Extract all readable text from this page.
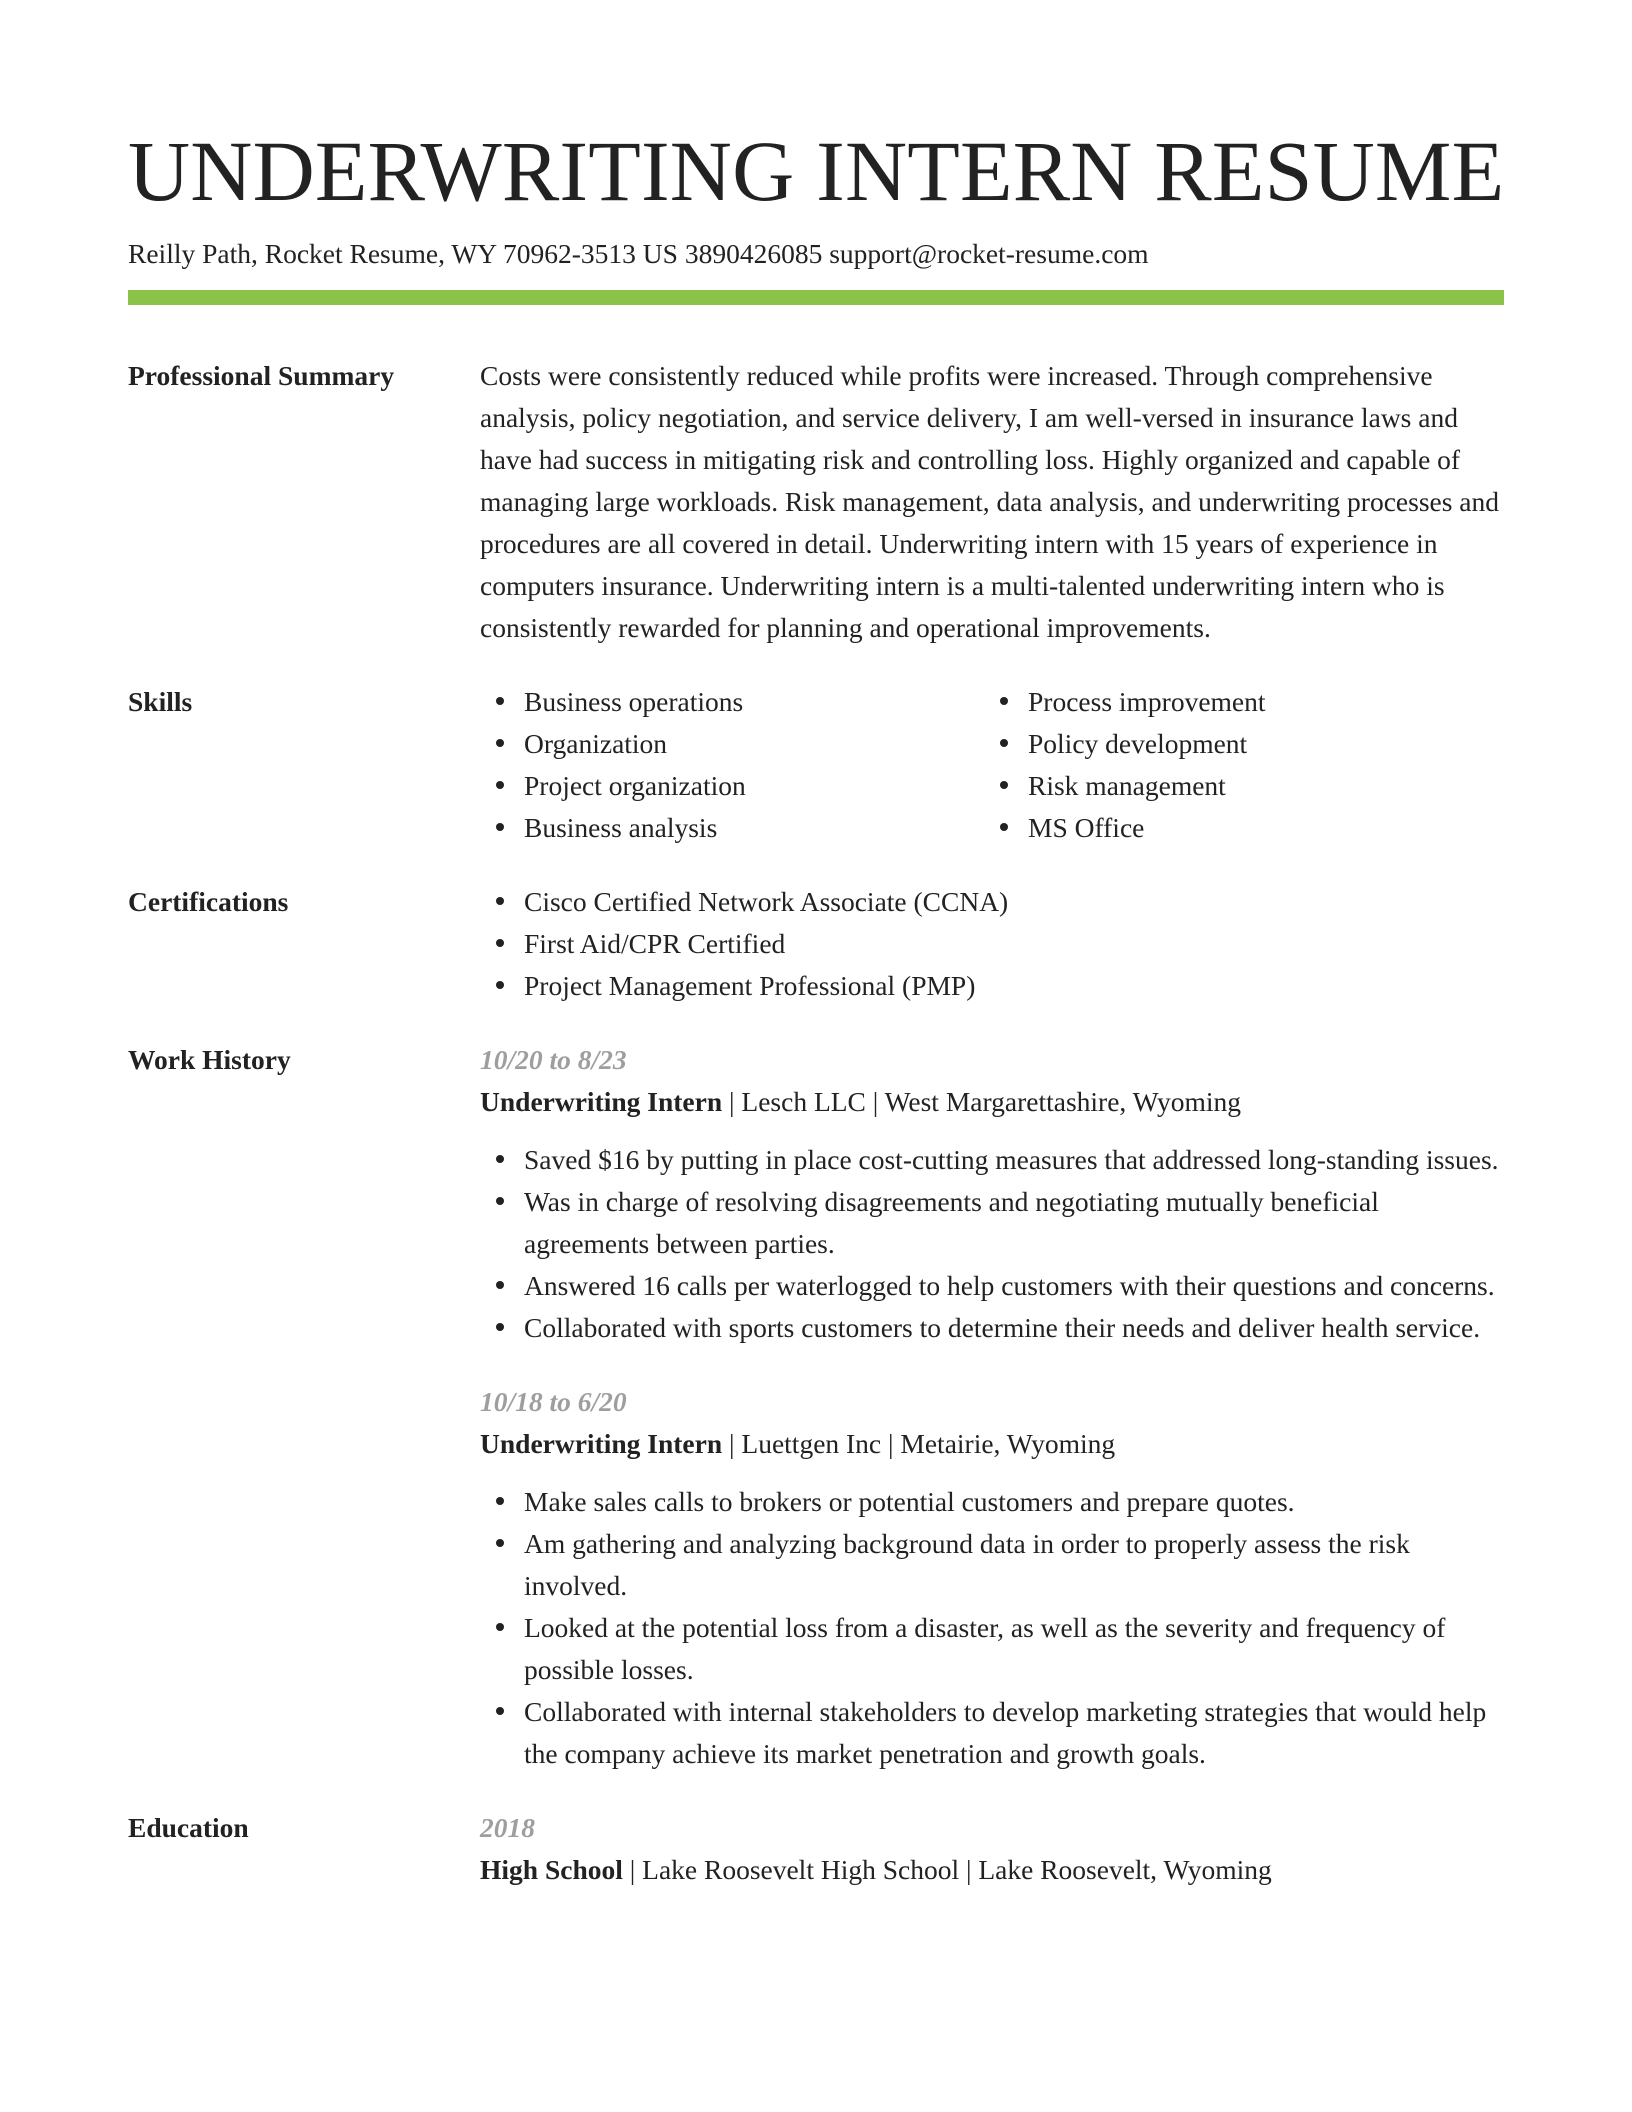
UNDERWRITING INTERN RESUME
Reilly Path, Rocket Resume, WY 70962-3513 US 3890426085 support@rocket-resume.com
Professional Summary	Costs were consistently reduced while profits were increased. Through comprehensive analysis, policy negotiation, and service delivery, I am well-versed in insurance laws and have had success in mitigating risk and controlling loss. Highly organized and capable of managing large workloads. Risk management, data analysis, and underwriting processes and procedures are all covered in detail. Underwriting intern with 15 years of experience in computers insurance. Underwriting intern is a multi-talented underwriting intern who is consistently rewarded for planning and operational improvements.

Skills	Business operations
Organization
Project organization
Business analysis
Process improvement
Policy development
Risk management
MS Office
Certifications	Cisco Certified Network Associate (CCNA)
First Aid/CPR Certified
Project Management Professional (PMP)
Work History	10/20 to 8/23
Underwriting Intern | Lesch LLC | West Margarettashire, Wyoming
Saved $16 by putting in place cost-cutting measures that addressed long-standing issues.
Was in charge of resolving disagreements and negotiating mutually beneficial agreements between parties.
Answered 16 calls per waterlogged to help customers with their questions and concerns.
Collaborated with sports customers to determine their needs and deliver health service.
10/18 to 6/20
Underwriting Intern | Luettgen Inc | Metairie, Wyoming
Make sales calls to brokers or potential customers and prepare quotes.
Am gathering and analyzing background data in order to properly assess the risk involved.
Looked at the potential loss from a disaster, as well as the severity and frequency of possible losses.
Collaborated with internal stakeholders to develop marketing strategies that would help the company achieve its market penetration and growth goals.
Education	2018
High School | Lake Roosevelt High School | Lake Roosevelt, Wyoming
